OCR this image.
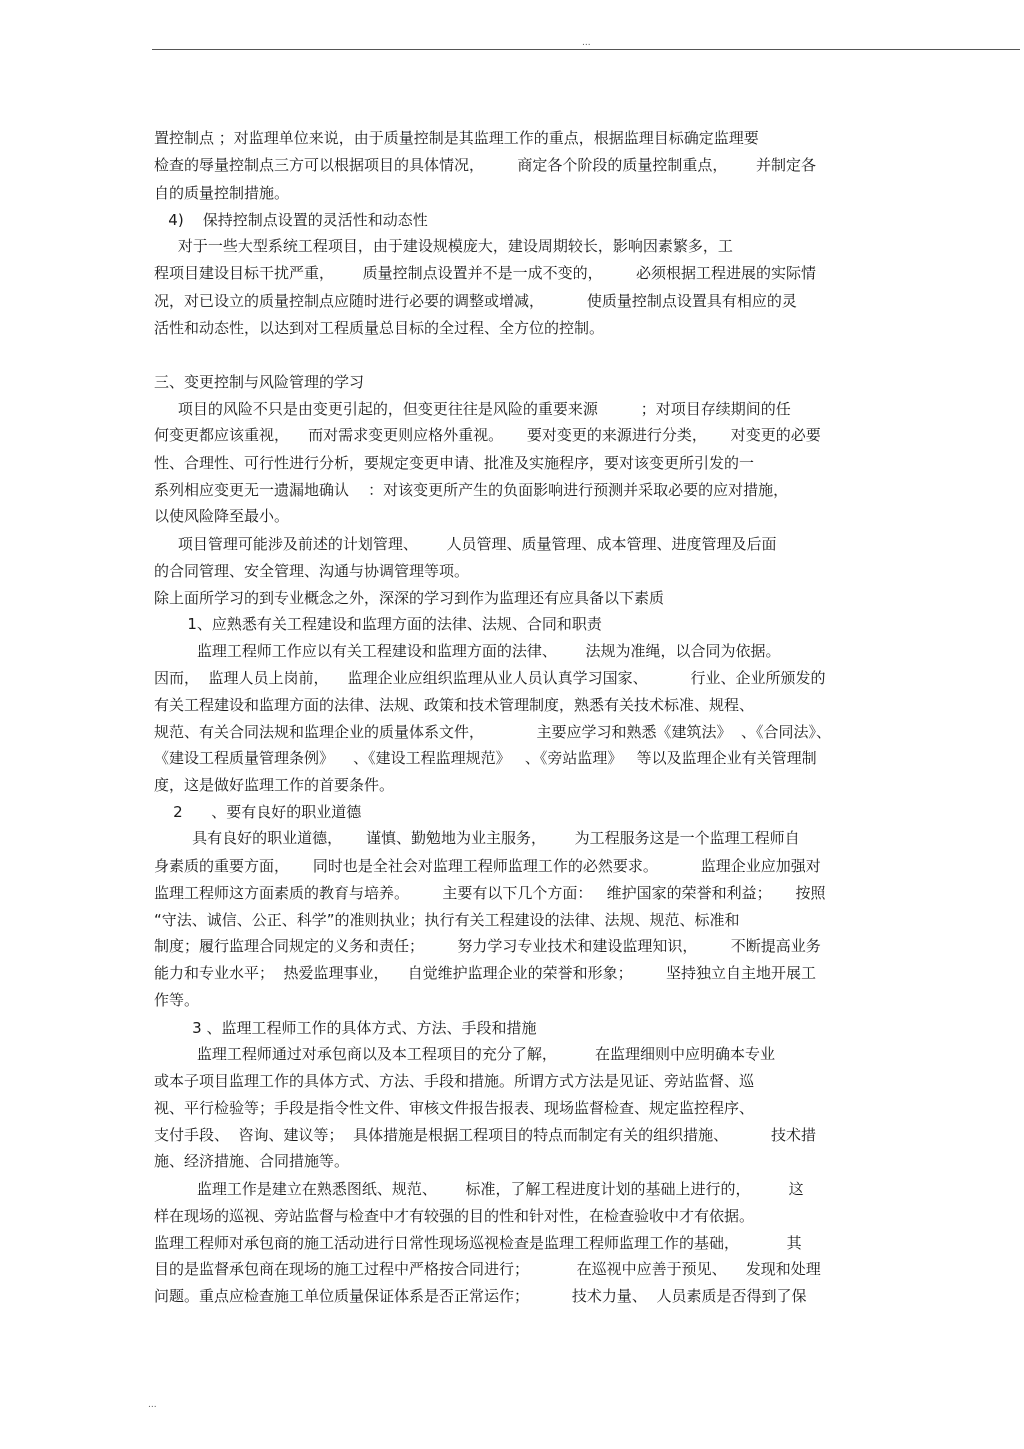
...
置控制点 ；对监理单位来说，由于质量控制是其监理工作的重点，根据监理目标确定监理要
检查的辱量控制点三方可以根据项目的具体情况，       商定各个阶段的质量控制重点，      并制定各
自的质量控制措施。
4)    保持控制点设置的灵活性和动态性
对于一些大型系统工程项目，由于建设规模庞大，建设周期较长，影响因素繁多，工
程项目建设目标干扰严重，      质量控制点设置并不是一成不变的，       必须根据工程进展的实际情
况，对已设立的质量控制点应随时进行必要的调整或增减，         使质量控制点设置具有相应的灵
活性和动态性，以达到对工程质量总目标的全过程、全方位的控制。
三、变更控制与风险管理的学习
项目的风险不只是由变更引起的，但变更往往是风险的重要来源         ；对项目存续期间的任
何变更都应该重视，    而对需求变更则应格外重视。     要对变更的来源进行分类，     对变更的必要
性、合理性、可行性进行分析，要规定变更申请、批准及实施程序，要对该变更所引发的一
系列相应变更无一遗漏地确认    ：对该变更所产生的负面影响进行预测并采取必要的应对措施，
以使风险降至最小。
项目管理可能涉及前述的计划管理、      人员管理、质量管理、成本管理、进度管理及后面
的合同管理、安全管理、沟通与协调管理等项。
除上面所学习的到专业概念之外，深深的学习到作为监理还有应具备以下素质
1、应熟悉有关工程建设和监理方面的法律、法规、合同和职责
监理工程师工作应以有关工程建设和监理方面的法律、      法规为准绳，以合同为依据。
因而，  监理人员上岗前，    监理企业应组织监理从业人员认真学习国家、         行业、企业所颁发的
有关工程建设和监理方面的法律、法规、政策和技术管理制度，熟悉有关技术标准、规程、
规范、有关合同法规和监理企业的质量体系文件，           主要应学习和熟悉《建筑法》  、《合同法》、
《建设工程质量管理条例》    、《建设工程监理规范》   、《旁站监理》   等以及监理企业有关管理制
度，这是做好监理工作的首要条件。
2      、要有良好的职业道德
具有良好的职业道德，     谨慎、勤勉地为业主服务，      为工程服务这是一个监理工程师自
身素质的重要方面，     同时也是全社会对监理工程师监理工作的必然要求。         监理企业应加强对
监理工程师这方面素质的教育与培养。       主要有以下几个方面：   维护国家的荣誉和利益；     按照
“守法、诚信、公正、科学”的准则执业；执行有关工程建设的法律、法规、规范、标准和
制度；履行监理合同规定的义务和责任；       努力学习专业技术和建设监理知识，       不断提高业务
能力和专业水平；  热爱监理事业，    自觉维护监理企业的荣誉和形象；       坚持独立自主地开展工
作等。
3 、监理工程师工作的具体方式、方法、手段和措施
监理工程师通过对承包商以及本工程项目的充分了解，        在监理细则中应明确本专业
或本子项目监理工作的具体方式、方法、手段和措施。所谓方式方法是见证、旁站监督、巡
视、平行检验等；手段是指令性文件、审核文件报告报表、现场监督检查、规定监控程序、
支付手段、  咨询、建议等；  具体措施是根据工程项目的特点而制定有关的组织措施、         技术措
施、经济措施、合同措施等。
监理工作是建立在熟悉图纸、规范、      标准，了解工程进度计划的基础上进行的，        这
样在现场的巡视、旁站监督与检查中才有较强的目的性和针对性，在检查验收中才有依据。
监理工程师对承包商的施工活动进行日常性现场巡视检查是监理工程师监理工作的基础，          其
目的是监督承包商在现场的施工过程中严格按合同进行；          在巡视中应善于预见、    发现和处理
问题。重点应检查施工单位质量保证体系是否正常运作；         技术力量、  人员素质是否得到了保
...
